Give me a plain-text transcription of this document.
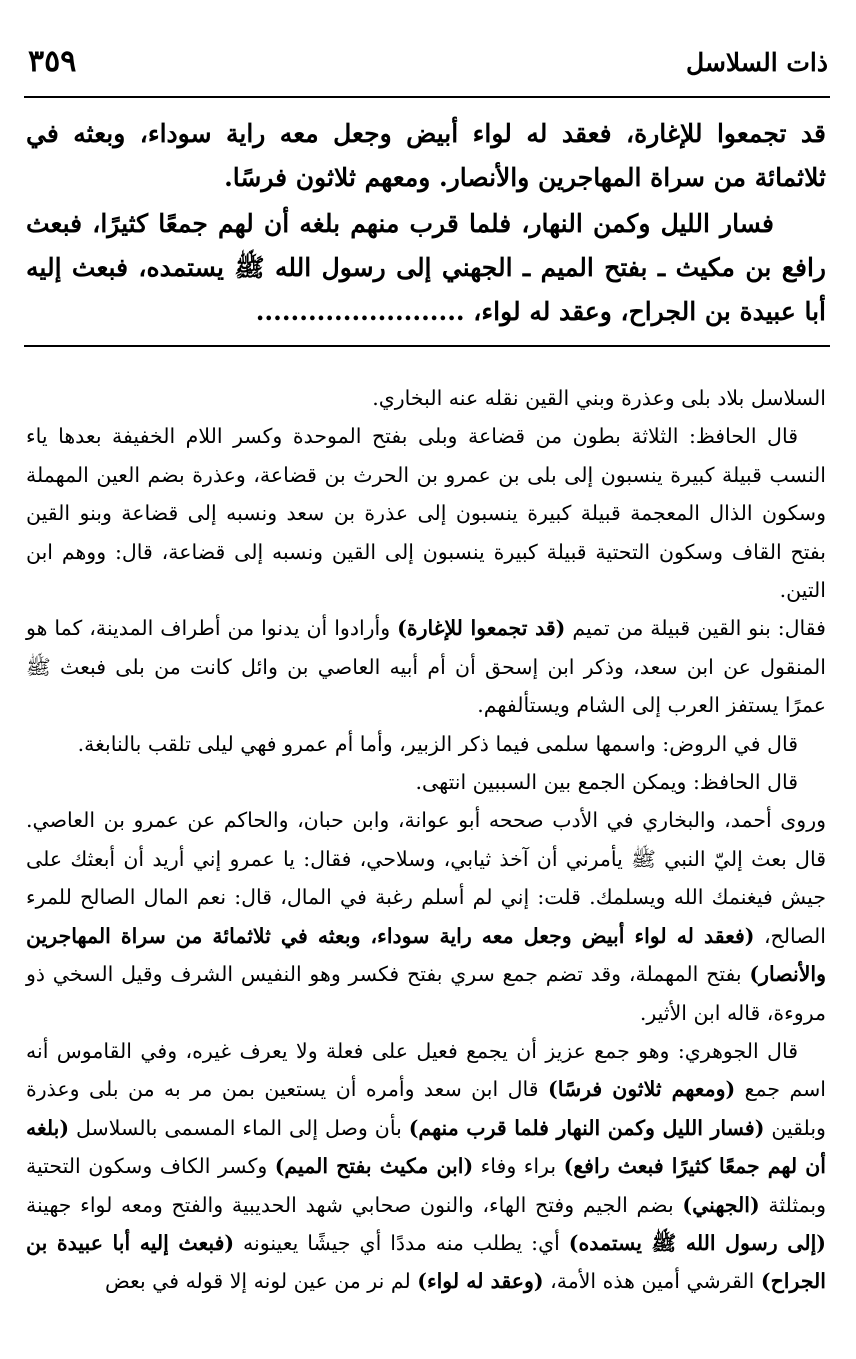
ذات السلاسل
٣٥٩

قد تجمعوا للإغارة، فعقد له لواء أبيض وجعل معه راية سوداء، وبعثه في ثلاثمائة من سراة المهاجرين والأنصار. ومعهم ثلاثون فرسًا.

فسار الليل وكمن النهار، فلما قرب منهم بلغه أن لهم جمعًا كثيرًا، فبعث رافع بن مكيث ـ بفتح الميم ـ الجهني إلى رسول الله ﷺ يستمده، فبعث إليه أبا عبيدة بن الجراح، وعقد له لواء، ........................

السلاسل بلاد بلى وعذرة وبني القين نقله عنه البخاري.

قال الحافظ: الثلاثة بطون من قضاعة وبلى بفتح الموحدة وكسر اللام الخفيفة بعدها ياء النسب قبيلة كبيرة ينسبون إلى بلى بن عمرو بن الحرث بن قضاعة، وعذرة بضم العين المهملة وسكون الذال المعجمة قبيلة كبيرة ينسبون إلى عذرة بن سعد ونسبه إلى قضاعة وبنو القين بفتح القاف وسكون التحتية قبيلة كبيرة ينسبون إلى القين ونسبه إلى قضاعة، قال: ووهم ابن التين.

فقال: بنو القين قبيلة من تميم (قد تجمعوا للإغارة) وأرادوا أن يدنوا من أطراف المدينة، كما هو المنقول عن ابن سعد، وذكر ابن إسحق أن أم أبيه العاصي بن وائل كانت من بلى فبعث ﷺ عمرًا يستفز العرب إلى الشام ويستألفهم.

قال في الروض: واسمها سلمى فيما ذكر الزبير، وأما أم عمرو فهي ليلى تلقب بالنابغة.

قال الحافظ: ويمكن الجمع بين السببين انتهى.

وروى أحمد، والبخاري في الأدب صححه أبو عوانة، وابن حبان، والحاكم عن عمرو بن العاصي. قال بعث إليّ النبي ﷺ يأمرني أن آخذ ثيابي، وسلاحي، فقال: يا عمرو إني أريد أن أبعثك على جيش فيغنمك الله ويسلمك. قلت: إني لم أسلم رغبة في المال، قال: نعم المال الصالح للمرء الصالح، (فعقد له لواء أبيض وجعل معه راية سوداء، وبعثه في ثلاثمائة من سراة المهاجرين والأنصار) بفتح المهملة، وقد تضم جمع سري بفتح فكسر وهو النفيس الشرف وقيل السخي ذو مروءة، قاله ابن الأثير.

قال الجوهري: وهو جمع عزيز أن يجمع فعيل على فعلة ولا يعرف غيره، وفي القاموس أنه اسم جمع (ومعهم ثلاثون فرسًا) قال ابن سعد وأمره أن يستعين بمن مر به من بلى وعذرة وبلقين (فسار الليل وكمن النهار فلما قرب منهم) بأن وصل إلى الماء المسمى بالسلاسل (بلغه أن لهم جمعًا كثيرًا فبعث رافع) براء وفاء (ابن مكيث بفتح الميم) وكسر الكاف وسكون التحتية وبمثلثة (الجهني) بضم الجيم وفتح الهاء، والنون صحابي شهد الحديبية والفتح ومعه لواء جهينة (إلى رسول الله ﷺ يستمده) أي: يطلب منه مددًا أي جيشًا يعينونه (فبعث إليه أبا عبيدة بن الجراح) القرشي أمين هذه الأمة، (وعقد له لواء) لم نر من عين لونه إلا قوله في بعض
